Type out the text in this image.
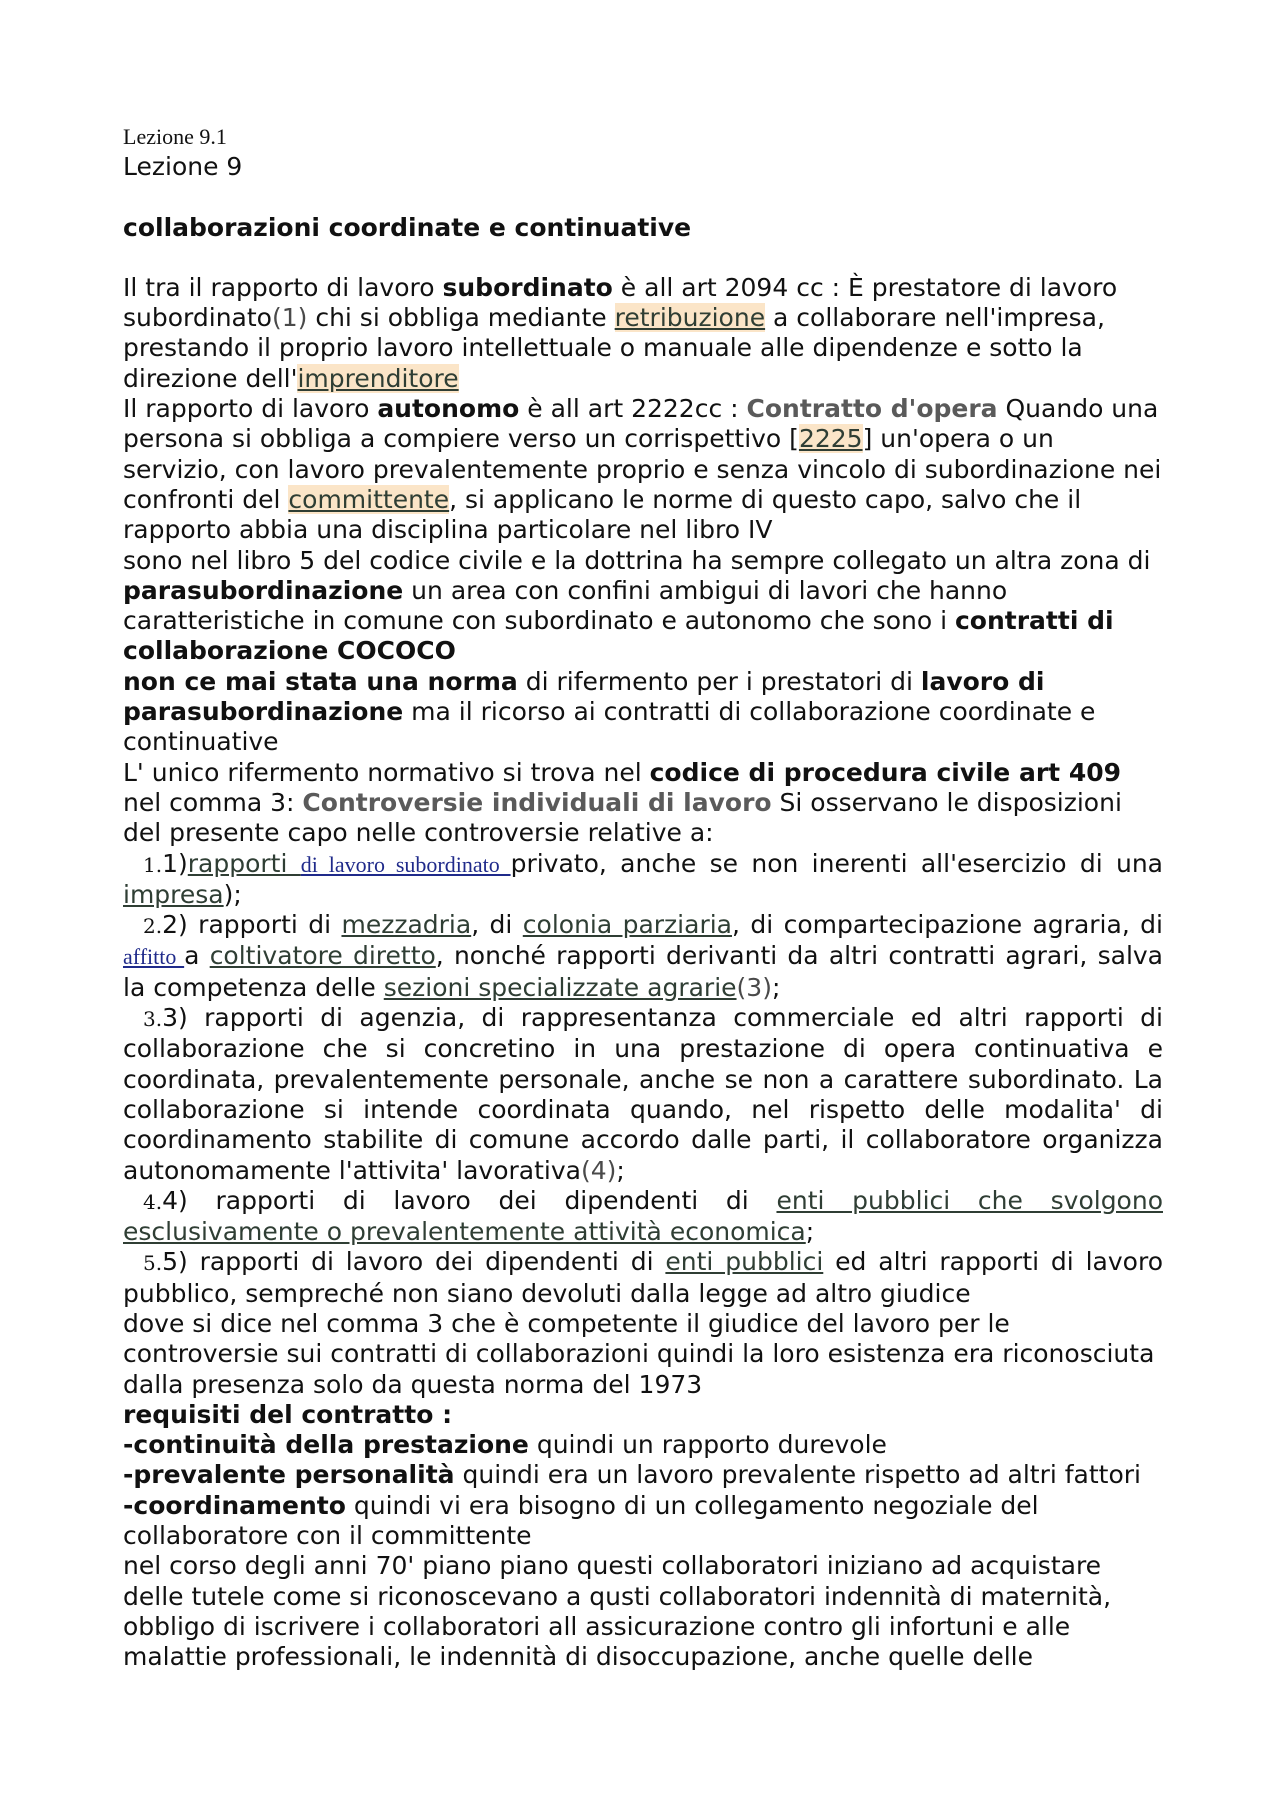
Lezione 9.1

Lezione 9

collaborazioni coordinate e continuative

Il tra il rapporto di lavoro subordinato è all art 2094 cc : È prestatore di lavoro subordinato(1) chi si obbliga mediante retribuzione a collaborare nell'impresa, prestando il proprio lavoro intellettuale o manuale alle dipendenze e sotto la direzione dell'imprenditore

Il rapporto di lavoro autonomo è all art 2222cc : Contratto d'opera Quando una persona si obbliga a compiere verso un corrispettivo [2225] un'opera o un servizio, con lavoro prevalentemente proprio e senza vincolo di subordinazione nei confronti del committente, si applicano le norme di questo capo, salvo che il rapporto abbia una disciplina particolare nel libro IV

sono nel libro 5 del codice civile e la dottrina ha sempre collegato un altra zona di parasubordinazione un area con confini ambigui di lavori che hanno caratteristiche in comune con subordinato e autonomo che sono i contratti di collaborazione COCOCO

non ce mai stata una norma di rifermento per i prestatori di lavoro di parasubordinazione ma il ricorso ai contratti di collaborazione coordinate e continuative

L' unico rifermento normativo si trova nel codice di procedura civile art 409 nel comma 3: Controversie individuali di lavoro Si osservano le disposizioni del presente capo nelle controversie relative a:

1.1)rapporti di lavoro subordinato privato, anche se non inerenti all'esercizio di una impresa);

2.2) rapporti di mezzadria, di colonia parziaria, di compartecipazione agraria, di affitto a coltivatore diretto, nonché rapporti derivanti da altri contratti agrari, salva la competenza delle sezioni specializzate agrarie(3);

3.3) rapporti di agenzia, di rappresentanza commerciale ed altri rapporti di collaborazione che si concretino in una prestazione di opera continuativa e coordinata, prevalentemente personale, anche se non a carattere subordinato. La collaborazione si intende coordinata quando, nel rispetto delle modalita' di coordinamento stabilite di comune accordo dalle parti, il collaboratore organizza autonomamente l'attivita' lavorativa(4);

4.4) rapporti di lavoro dei dipendenti di enti pubblici che svolgono esclusivamente o prevalentemente attività economica;

5.5) rapporti di lavoro dei dipendenti di enti pubblici ed altri rapporti di lavoro pubblico, sempreché non siano devoluti dalla legge ad altro giudice

dove si dice nel comma 3 che è competente il giudice del lavoro per le controversie sui contratti di collaborazioni quindi la loro esistenza era riconosciuta dalla presenza solo da questa norma del 1973

requisiti del contratto :

-continuità della prestazione quindi un rapporto durevole

-prevalente personalità quindi era un lavoro prevalente rispetto ad altri fattori

-coordinamento quindi vi era bisogno di un collegamento negoziale del collaboratore con il committente

nel corso degli anni 70' piano piano questi collaboratori iniziano ad acquistare delle tutele come si riconoscevano a qusti collaboratori indennità di maternità, obbligo di iscrivere i collaboratori all assicurazione contro gli infortuni e alle malattie professionali, le indennità di disoccupazione, anche quelle delle
